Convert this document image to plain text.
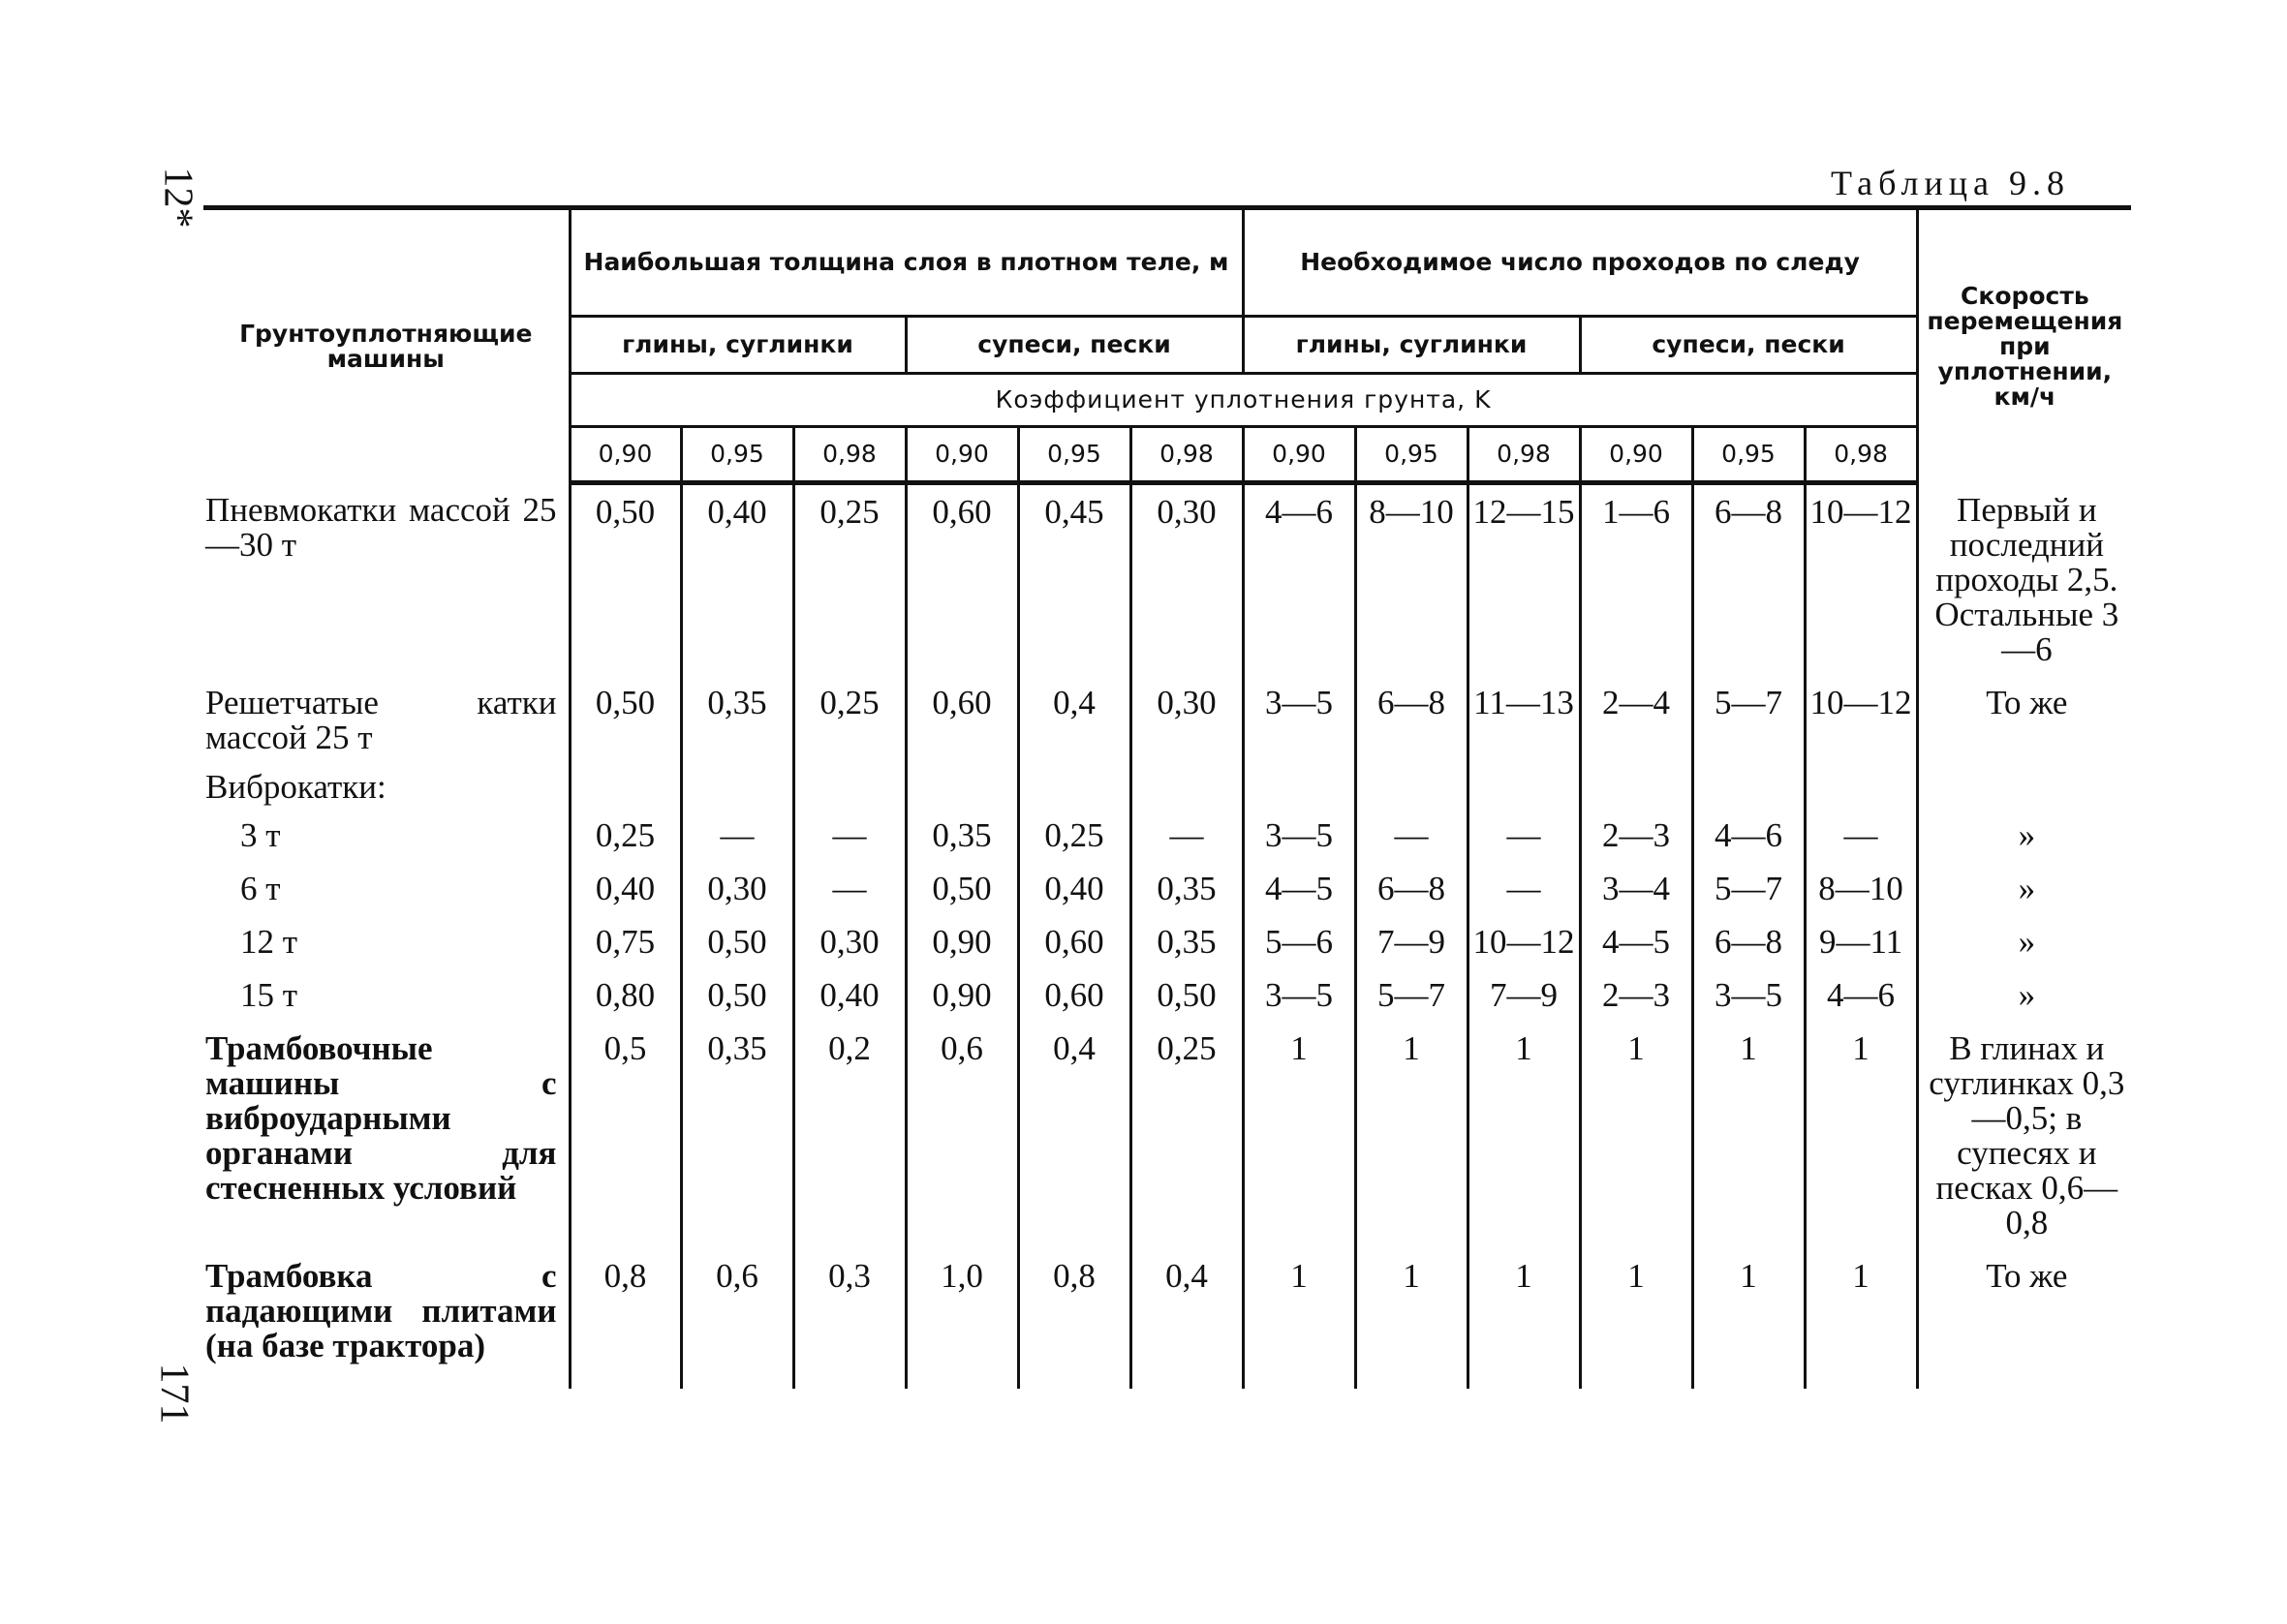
12*
171
Таблица 9.8
Грунтоуплотняющие машины	Наибольшая толщина слоя в плотном теле, м						Необходимое число проходов по следу						Скорость перемещения при уплотнении, км/ч
	глины, суглинки			супеси, пески			глины, суглинки			супеси, пески			
	Коэффициент уплотнения грунта, K												
	0,90	0,95	0,98	0,90	0,95	0,98	0,90	0,95	0,98	0,90	0,95	0,98	
Пневмокатки массой 25—30 т	0,50	0,40	0,25	0,60	0,45	0,30	4—6	8—10	12—15	1—6	6—8	10—12	Первый и последний проходы 2,5. Остальные 3—6
Решетчатые катки массой 25 т	0,50	0,35	0,25	0,60	0,4	0,30	3—5	6—8	11—13	2—4	5—7	10—12	То же
Виброкатки:													
3 т	0,25	—	—	0,35	0,25	—	3—5	—	—	2—3	4—6	—	»
6 т	0,40	0,30	—	0,50	0,40	0,35	4—5	6—8	—	3—4	5—7	8—10	»
12 т	0,75	0,50	0,30	0,90	0,60	0,35	5—6	7—9	10—12	4—5	6—8	9—11	»
15 т	0,80	0,50	0,40	0,90	0,60	0,50	3—5	5—7	7—9	2—3	3—5	4—6	»
Трамбовочные машины с виброударными органами для стесненных условий	0,5	0,35	0,2	0,6	0,4	0,25	1	1	1	1	1	1	В глинах и суглинках 0,3—0,5; в супесях и песках 0,6—0,8
Трамбовка с падающими плитами (на базе трактора)	0,8	0,6	0,3	1,0	0,8	0,4	1	1	1	1	1	1	То же
